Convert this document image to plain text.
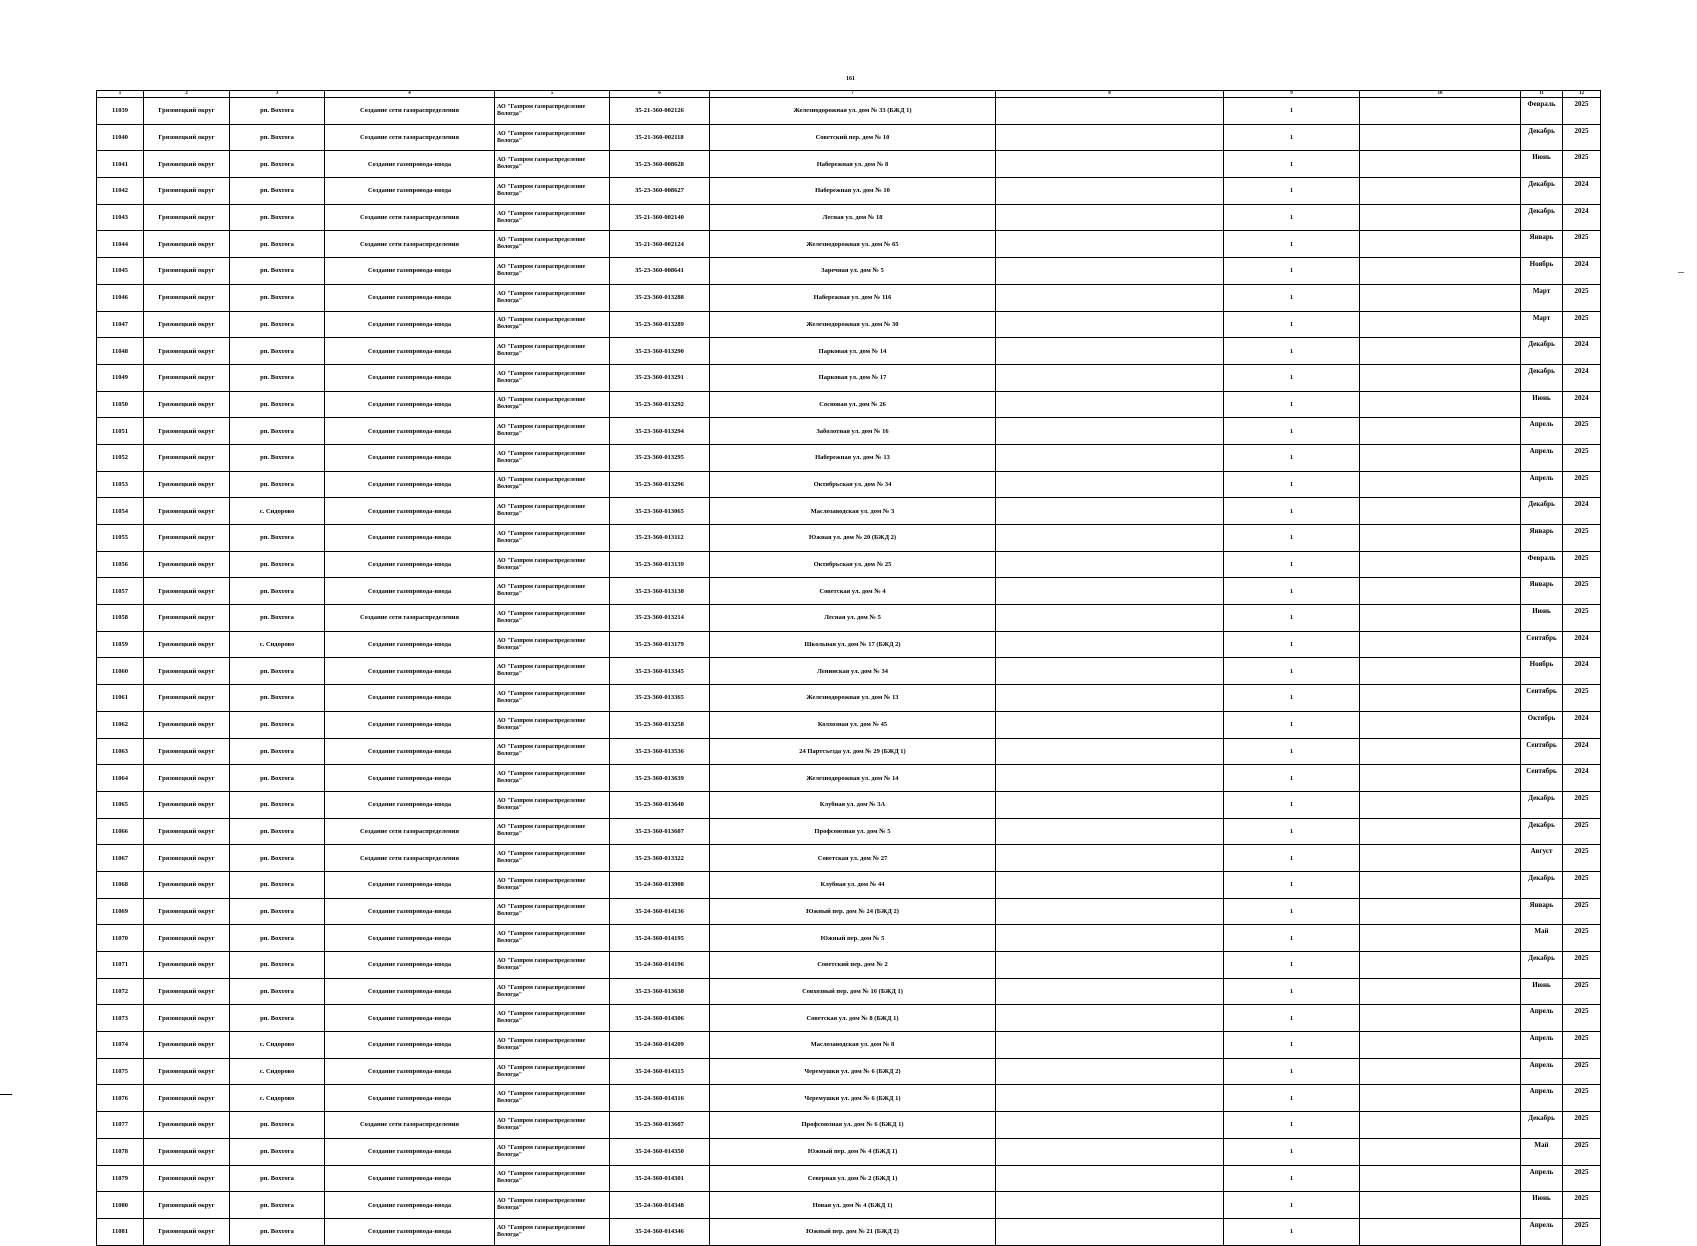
161
1	2	3	4	5	6	7	8	9	10	11	12
11039	Грязовецкий округ	рп. Вохтога	Создание сети газораспределения	АО "Газпром газораспределение Вологда"	35-21-360-002126	Железнодорожная ул. дом № 33 (БЖД 1)		1		Февраль	2025
11040	Грязовецкий округ	рп. Вохтога	Создание сети газораспределения	АО "Газпром газораспределение Вологда"	35-21-360-002118	Советский пер. дом № 10		1		Декабрь	2025
11041	Грязовецкий округ	рп. Вохтога	Создание газопровода-ввода	АО "Газпром газораспределение Вологда"	35-23-360-008628	Набережная ул. дом № 8		1		Июнь	2025
11042	Грязовецкий округ	рп. Вохтога	Создание газопровода-ввода	АО "Газпром газораспределение Вологда"	35-23-360-008627	Набережная ул. дом № 10		1		Декабрь	2024
11043	Грязовецкий округ	рп. Вохтога	Создание сети газораспределения	АО "Газпром газораспределение Вологда"	35-21-360-002140	Лесная ул. дом № 18		1		Декабрь	2024
11044	Грязовецкий округ	рп. Вохтога	Создание сети газораспределения	АО "Газпром газораспределение Вологда"	35-21-360-002124	Железнодорожная ул. дом № 65		1		Январь	2025
11045	Грязовецкий округ	рп. Вохтога	Создание газопровода-ввода	АО "Газпром газораспределение Вологда"	35-23-360-008641	Заречная ул. дом № 5		1		Ноябрь	2024
11046	Грязовецкий округ	рп. Вохтога	Создание газопровода-ввода	АО "Газпром газораспределение Вологда"	35-23-360-013288	Набережная ул. дом № 116		1		Март	2025
11047	Грязовецкий округ	рп. Вохтога	Создание газопровода-ввода	АО "Газпром газораспределение Вологда"	35-23-360-013289	Железнодорожная ул. дом № 30		1		Март	2025
11048	Грязовецкий округ	рп. Вохтога	Создание газопровода-ввода	АО "Газпром газораспределение Вологда"	35-23-360-013290	Парковая ул. дом № 14		1		Декабрь	2024
11049	Грязовецкий округ	рп. Вохтога	Создание газопровода-ввода	АО "Газпром газораспределение Вологда"	35-23-360-013291	Парковая ул. дом № 17		1		Декабрь	2024
11050	Грязовецкий округ	рп. Вохтога	Создание газопровода-ввода	АО "Газпром газораспределение Вологда"	35-23-360-013292	Сосновая ул. дом № 26		1		Июнь	2024
11051	Грязовецкий округ	рп. Вохтога	Создание газопровода-ввода	АО "Газпром газораспределение Вологда"	35-23-360-013294	Заболотная ул. дом № 16		1		Апрель	2025
11052	Грязовецкий округ	рп. Вохтога	Создание газопровода-ввода	АО "Газпром газораспределение Вологда"	35-23-360-013295	Набережная ул. дом № 13		1		Апрель	2025
11053	Грязовецкий округ	рп. Вохтога	Создание газопровода-ввода	АО "Газпром газораспределение Вологда"	35-23-360-013296	Октябрьская ул. дом № 34		1		Апрель	2025
11054	Грязовецкий округ	с. Сидорово	Создание газопровода-ввода	АО "Газпром газораспределение Вологда"	35-23-360-013065	Маслозаводская ул. дом № 3		1		Декабрь	2024
11055	Грязовецкий округ	рп. Вохтога	Создание газопровода-ввода	АО "Газпром газораспределение Вологда"	35-23-360-013112	Южная ул. дом № 20 (БЖД 2)		1		Январь	2025
11056	Грязовецкий округ	рп. Вохтога	Создание газопровода-ввода	АО "Газпром газораспределение Вологда"	35-23-360-013139	Октябрьская ул. дом № 25		1		Февраль	2025
11057	Грязовецкий округ	рп. Вохтога	Создание газопровода-ввода	АО "Газпром газораспределение Вологда"	35-23-360-013138	Советская ул. дом № 4		1		Январь	2025
11058	Грязовецкий округ	рп. Вохтога	Создание сети газораспределения	АО "Газпром газораспределение Вологда"	35-23-360-013214	Лесная ул. дом № 5		1		Июнь	2025
11059	Грязовецкий округ	с. Сидорово	Создание газопровода-ввода	АО "Газпром газораспределение Вологда"	35-23-360-013179	Школьная ул. дом № 17 (БЖД 2)		1		Сентябрь	2024
11060	Грязовецкий округ	рп. Вохтога	Создание газопровода-ввода	АО "Газпром газораспределение Вологда"	35-23-360-013345	Ленинская ул. дом № 34		1		Ноябрь	2024
11061	Грязовецкий округ	рп. Вохтога	Создание газопровода-ввода	АО "Газпром газораспределение Вологда"	35-23-360-013365	Железнодорожная ул. дом № 13		1		Сентябрь	2025
11062	Грязовецкий округ	рп. Вохтога	Создание газопровода-ввода	АО "Газпром газораспределение Вологда"	35-23-360-013258	Колхозная ул. дом № 45		1		Октябрь	2024
11063	Грязовецкий округ	рп. Вохтога	Создание газопровода-ввода	АО "Газпром газораспределение Вологда"	35-23-360-013536	24 Партсъезда ул. дом № 29 (БЖД 1)		1		Сентябрь	2024
11064	Грязовецкий округ	рп. Вохтога	Создание газопровода-ввода	АО "Газпром газораспределение Вологда"	35-23-360-013639	Железнодорожная ул. дом № 14		1		Сентябрь	2024
11065	Грязовецкий округ	рп. Вохтога	Создание газопровода-ввода	АО "Газпром газораспределение Вологда"	35-23-360-013640	Клубная ул. дом № 3А		1		Декабрь	2025
11066	Грязовецкий округ	рп. Вохтога	Создание сети газораспределения	АО "Газпром газораспределение Вологда"	35-23-360-013607	Профсоюзная ул. дом № 5		1		Декабрь	2025
11067	Грязовецкий округ	рп. Вохтога	Создание сети газораспределения	АО "Газпром газораспределение Вологда"	35-23-360-013322	Советская ул. дом № 27		1		Август	2025
11068	Грязовецкий округ	рп. Вохтога	Создание газопровода-ввода	АО "Газпром газораспределение Вологда"	35-24-360-013908	Клубная ул. дом № 44		1		Декабрь	2025
11069	Грязовецкий округ	рп. Вохтога	Создание газопровода-ввода	АО "Газпром газораспределение Вологда"	35-24-360-014136	Южный пер. дом № 24 (БЖД 2)		1		Январь	2025
11070	Грязовецкий округ	рп. Вохтога	Создание газопровода-ввода	АО "Газпром газораспределение Вологда"	35-24-360-014195	Южный пер. дом № 5		1		Май	2025
11071	Грязовецкий округ	рп. Вохтога	Создание газопровода-ввода	АО "Газпром газораспределение Вологда"	35-24-360-014196	Советский пер. дом № 2		1		Декабрь	2025
11072	Грязовецкий округ	рп. Вохтога	Создание газопровода-ввода	АО "Газпром газораспределение Вологда"	35-23-360-013638	Совхозный пер. дом № 16 (БЖД 1)		1		Июнь	2025
11073	Грязовецкий округ	рп. Вохтога	Создание газопровода-ввода	АО "Газпром газораспределение Вологда"	35-24-360-014306	Советская ул. дом № 8 (БЖД 1)		1		Апрель	2025
11074	Грязовецкий округ	с. Сидорово	Создание газопровода-ввода	АО "Газпром газораспределение Вологда"	35-24-360-014209	Маслозаводская ул. дом № 8		1		Апрель	2025
11075	Грязовецкий округ	с. Сидорово	Создание газопровода-ввода	АО "Газпром газораспределение Вологда"	35-24-360-014315	Черемушки ул. дом № 6 (БЖД 2)		1		Апрель	2025
11076	Грязовецкий округ	с. Сидорово	Создание газопровода-ввода	АО "Газпром газораспределение Вологда"	35-24-360-014316	Черемушки ул. дом № 6 (БЖД 1)		1		Апрель	2025
11077	Грязовецкий округ	рп. Вохтога	Создание сети газораспределения	АО "Газпром газораспределение Вологда"	35-23-360-013607	Профсоюзная ул. дом № 6 (БЖД 1)		1		Декабрь	2025
11078	Грязовецкий округ	рп. Вохтога	Создание газопровода-ввода	АО "Газпром газораспределение Вологда"	35-24-360-014350	Южный пер. дом № 4 (БЖД 1)		1		Май	2025
11079	Грязовецкий округ	рп. Вохтога	Создание газопровода-ввода	АО "Газпром газораспределение Вологда"	35-24-360-014301	Северная ул. дом № 2 (БЖД 1)		1		Апрель	2025
11080	Грязовецкий округ	рп. Вохтога	Создание газопровода-ввода	АО "Газпром газораспределение Вологда"	35-24-360-014348	Новая ул. дом № 4 (БЖД 1)		1		Июнь	2025
11081	Грязовецкий округ	рп. Вохтога	Создание газопровода-ввода	АО "Газпром газораспределение Вологда"	35-24-360-014346	Южный пер. дом № 21 (БЖД 2)		1		Апрель	2025
